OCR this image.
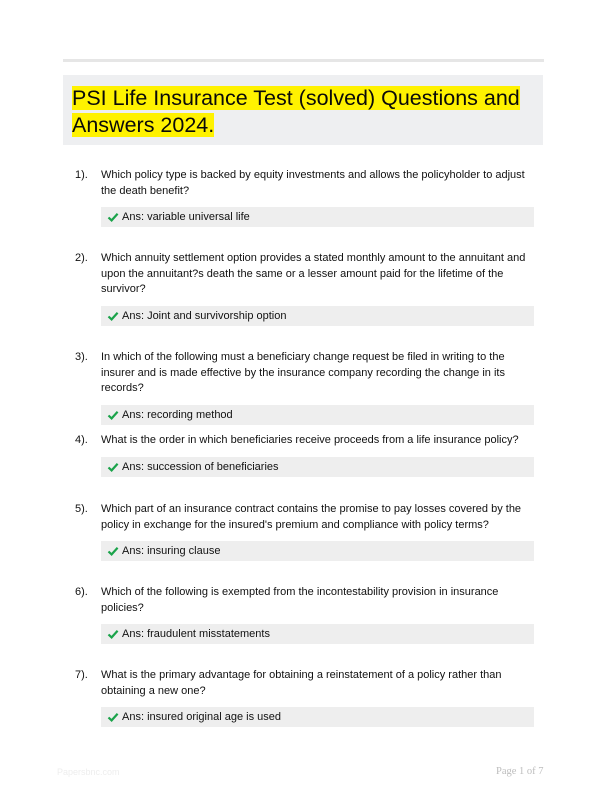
PSI Life Insurance Test (solved) Questions and
Answers 2024.
1). Which policy type is backed by equity investments and allows the policyholder to adjust the death benefit?
Ans: variable universal life
2). Which annuity settlement option provides a stated monthly amount to the annuitant and upon the annuitant?s death the same or a lesser amount paid for the lifetime of the survivor?
Ans: Joint and survivorship option
3). In which of the following must a beneficiary change request be filed in writing to the insurer and is made effective by the insurance company recording the change in its records?
Ans: recording method
4). What is the order in which beneficiaries receive proceeds from a life insurance policy?
Ans: succession of beneficiaries
5). Which part of an insurance contract contains the promise to pay losses covered by the policy in exchange for the insured's premium and compliance with policy terms?
Ans: insuring clause
6). Which of the following is exempted from the incontestability provision in insurance policies?
Ans: fraudulent misstatements
7). What is the primary advantage for obtaining a reinstatement of a policy rather than obtaining a new one?
Ans: insured original age is used
Papersbnc.com	Page 1 of 7
